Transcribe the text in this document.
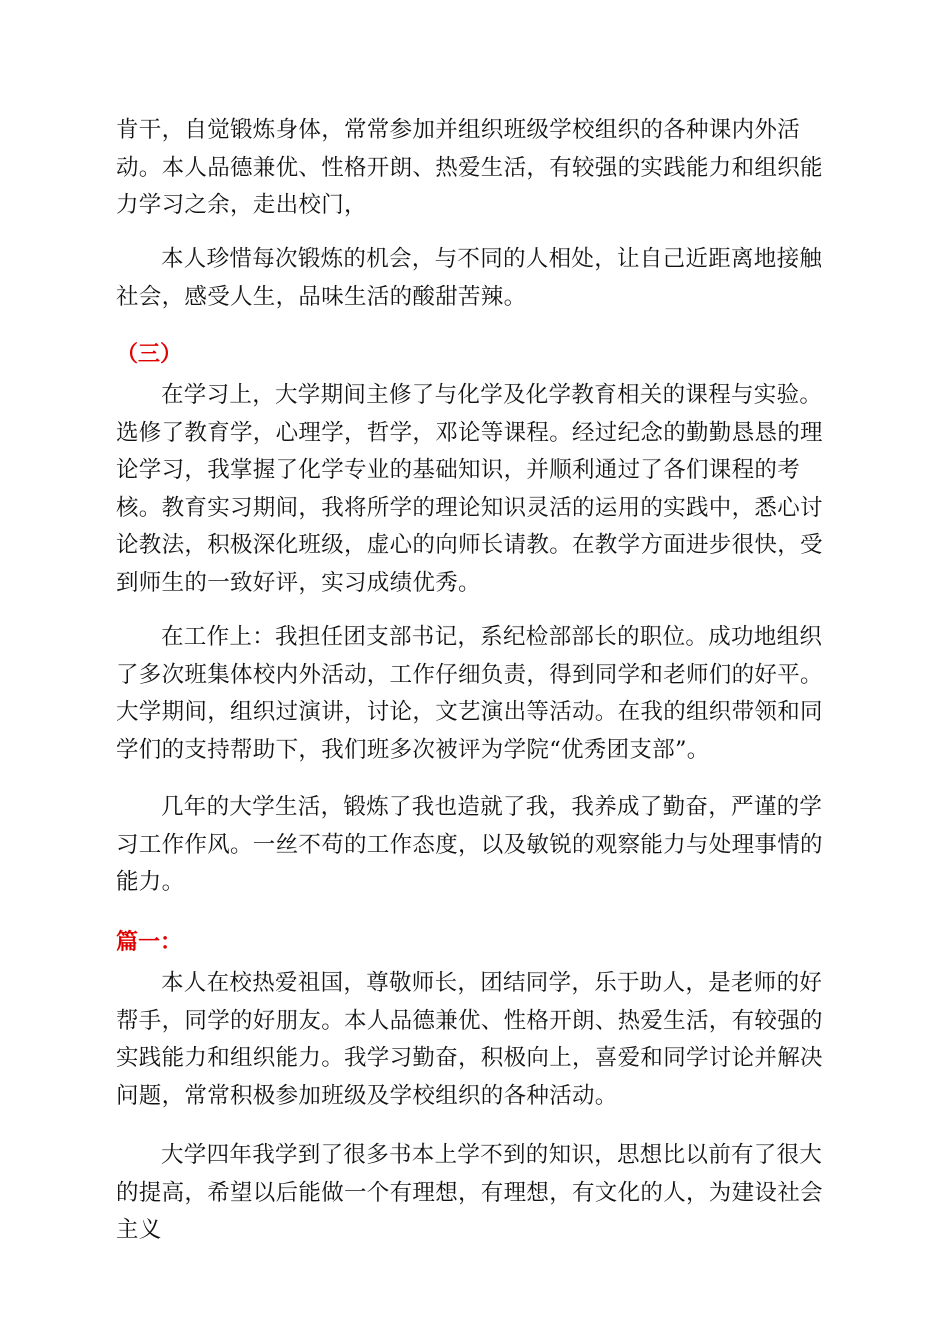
肯干，自觉锻炼身体，常常参加并组织班级学校组织的各种课内外活动。本人品德兼优、性格开朗、热爱生活，有较强的实践能力和组织能力学习之余，走出校门，

本人珍惜每次锻炼的机会，与不同的人相处，让自己近距离地接触社会，感受人生，品味生活的酸甜苦辣。

（三）

在学习上，大学期间主修了与化学及化学教育相关的课程与实验。选修了教育学，心理学，哲学，邓论等课程。经过纪念的勤勤恳恳的理论学习，我掌握了化学专业的基础知识，并顺利通过了各们课程的考核。教育实习期间，我将所学的理论知识灵活的运用的实践中，悉心讨论教法，积极深化班级，虚心的向师长请教。在教学方面进步很快，受到师生的一致好评，实习成绩优秀。

在工作上：我担任团支部书记，系纪检部部长的职位。成功地组织了多次班集体校内外活动，工作仔细负责，得到同学和老师们的好平。大学期间，组织过演讲，讨论，文艺演出等活动。在我的组织带领和同学们的支持帮助下，我们班多次被评为学院“优秀团支部”。

几年的大学生活，锻炼了我也造就了我，我养成了勤奋，严谨的学习工作作风。一丝不苟的工作态度，以及敏锐的观察能力与处理事情的能力。

篇一：

本人在校热爱祖国，尊敬师长，团结同学，乐于助人，是老师的好帮手，同学的好朋友。本人品德兼优、性格开朗、热爱生活，有较强的实践能力和组织能力。我学习勤奋，积极向上，喜爱和同学讨论并解决问题，常常积极参加班级及学校组织的各种活动。

大学四年我学到了很多书本上学不到的知识，思想比以前有了很大的提高，希望以后能做一个有理想，有理想，有文化的人，为建设社会主义
